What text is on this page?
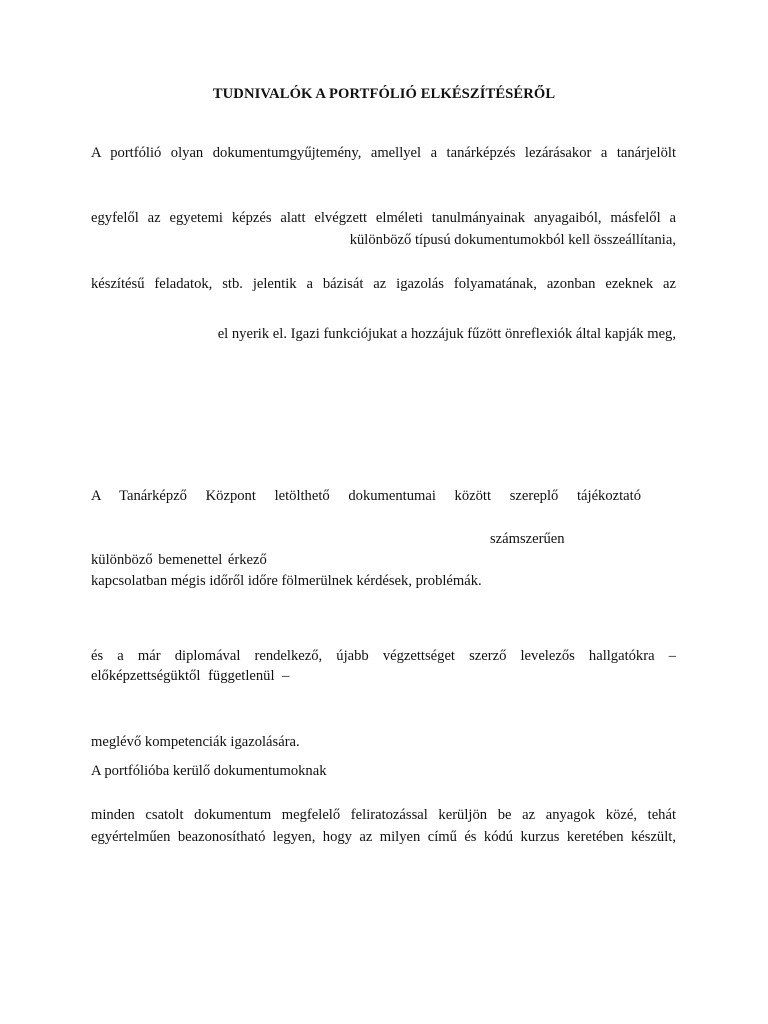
TUDNIVALÓK A PORTFÓLIÓ ELKÉSZÍTÉSÉRŐL
A portfólió olyan dokumentumgyűjtemény, amellyel a tanárképzés lezárásakor a tanárjelölt
egyfelől az egyetemi képzés alatt elvégzett elméleti tanulmányainak anyagaiból, másfelől a
különböző típusú dokumentumokból kell összeállítania,
készítésű feladatok, stb. jelentik a bázisát az igazolás folyamatának, azonban ezeknek az
el nyerik el. Igazi funkciójukat a hozzájuk fűzött önreflexiók által kapják meg,
A Tanárképző Központ letölthető dokumentumai között szereplő tájékoztató
számszerűen
különböző bemenettel érkező
kapcsolatban mégis időről időre fölmerülnek kérdések, problémák.
és a már diplomával rendelkező, újabb végzettséget szerző levelezős hallgatókra –
előképzettségüktől függetlenül –
meglévő kompetenciák igazolására.
A portfólióba kerülő dokumentumoknak
minden csatolt dokumentum megfelelő feliratozással kerüljön be az anyagok közé, tehát
egyértelműen beazonosítható legyen, hogy az milyen című és kódú kurzus keretében készült,
